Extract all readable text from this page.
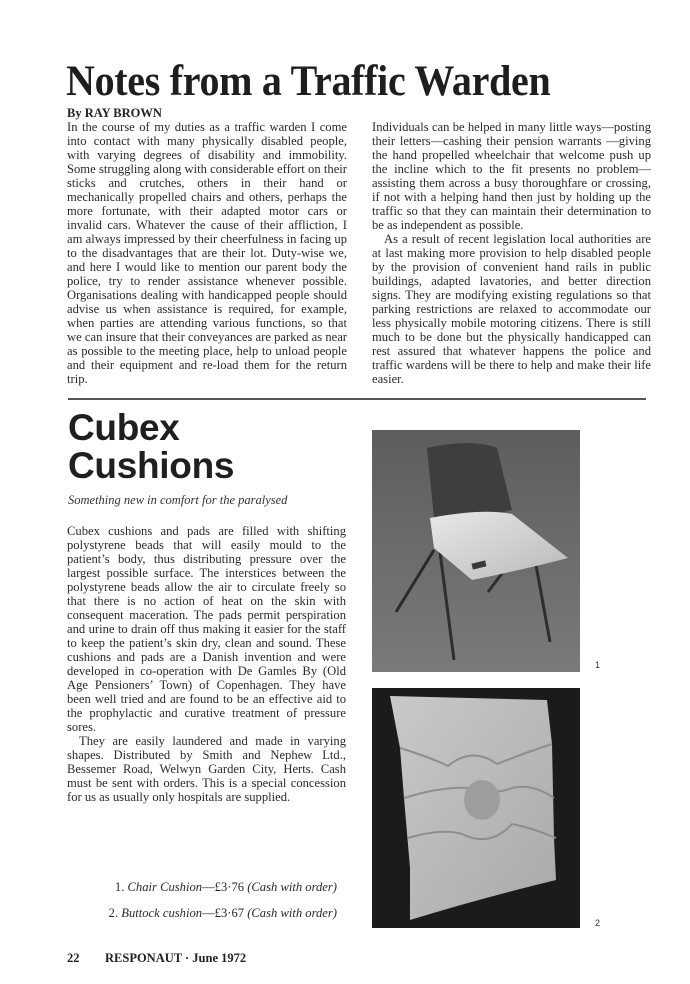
Notes from a Traffic Warden
By RAY BROWN

In the course of my duties as a traffic warden I come into contact with many physically disabled people, with varying degrees of disability and immobility. Some struggling along with considerable effort on their sticks and crutches, others in their hand or mechanically propelled chairs and others, perhaps the more fortunate, with their adapted motor cars or invalid cars. Whatever the cause of their affliction, I am always impressed by their cheerfulness in facing up to the disadvantages that are their lot. Duty-wise we, and here I would like to mention our parent body the police, try to render assistance whenever possible. Organisations dealing with handicapped people should advise us when assistance is required, for example, when parties are attending various functions, so that we can insure that their conveyances are parked as near as possible to the meeting place, help to unload people and their equipment and re-load them for the return trip.

Individuals can be helped in many little ways—posting their letters—cashing their pension warrants —giving the hand propelled wheelchair that welcome push up the incline which to the fit presents no problem—assisting them across a busy thoroughfare or crossing, if not with a helping hand then just by holding up the traffic so that they can maintain their determination to be as independent as possible.

As a result of recent legislation local authorities are at last making more provision to help disabled people by the provision of convenient hand rails in public buildings, adapted lavatories, and better direction signs. They are modifying existing regulations so that parking restrictions are relaxed to accommodate our less physically mobile motoring citizens. There is still much to be done but the physically handicapped can rest assured that whatever happens the police and traffic wardens will be there to help and make their life easier.

Cubex
Cushions
Something new in comfort for the paralysed

Cubex cushions and pads are filled with shifting polystyrene beads that will easily mould to the patient’s body, thus distributing pressure over the largest possible surface. The interstices between the polystyrene beads allow the air to circulate freely so that there is no action of heat on the skin with consequent maceration. The pads permit perspiration and urine to drain off thus making it easier for the staff to keep the patient’s skin dry, clean and sound. These cushions and pads are a Danish invention and were developed in co-operation with De Gamles By (Old Age Pensioners’ Town) of Copenhagen. They have been well tried and are found to be an effective aid to the prophylactic and curative treatment of pressure sores.

They are easily laundered and made in varying shapes. Distributed by Smith and Nephew Ltd., Bessemer Road, Welwyn Garden City, Herts. Cash must be sent with orders. This is a special concession for us as usually only hospitals are supplied.

1. Chair Cushion—£3·76 (Cash with order)
2. Buttock cushion—£3·67 (Cash with order)
1
2
22 RESPONAUT · June 1972
